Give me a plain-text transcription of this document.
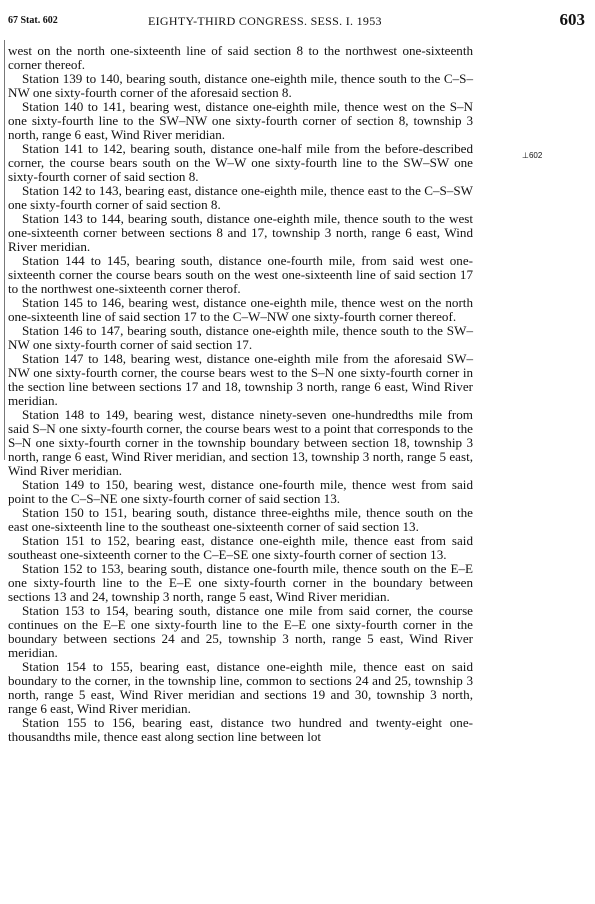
67 Stat. 602	EIGHTY-THIRD CONGRESS. SESS. I. 1953	603
⊥602

west on the north one-sixteenth line of said section 8 to the northwest one-sixteenth corner thereof.

Station 139 to 140, bearing south, distance one-eighth mile, thence south to the C–S–NW one sixty-fourth corner of the aforesaid section 8.

Station 140 to 141, bearing west, distance one-eighth mile, thence west on the S–N one sixty-fourth line to the SW–NW one sixty-fourth corner of section 8, township 3 north, range 6 east, Wind River meridian.

Station 141 to 142, bearing south, distance one-half mile from the before-described corner, the course bears south on the W–W one sixty-fourth line to the SW–SW one sixty-fourth corner of said section 8.

Station 142 to 143, bearing east, distance one-eighth mile, thence east to the C–S–SW one sixty-fourth corner of said section 8.

Station 143 to 144, bearing south, distance one-eighth mile, thence south to the west one-sixteenth corner between sections 8 and 17, township 3 north, range 6 east, Wind River meridian.

Station 144 to 145, bearing south, distance one-fourth mile, from said west one-sixteenth corner the course bears south on the west one-sixteenth line of said section 17 to the northwest one-sixteenth corner therof.

Station 145 to 146, bearing west, distance one-eighth mile, thence west on the north one-sixteenth line of said section 17 to the C–W–NW one sixty-fourth corner thereof.

Station 146 to 147, bearing south, distance one-eighth mile, thence south to the SW–NW one sixty-fourth corner of said section 17.

Station 147 to 148, bearing west, distance one-eighth mile from the aforesaid SW–NW one sixty-fourth corner, the course bears west to the S–N one sixty-fourth corner in the section line between sections 17 and 18, township 3 north, range 6 east, Wind River meridian.

Station 148 to 149, bearing west, distance ninety-seven one-hundredths mile from said S–N one sixty-fourth corner, the course bears west to a point that corresponds to the S–N one sixty-fourth corner in the township boundary between section 18, township 3 north, range 6 east, Wind River meridian, and section 13, township 3 north, range 5 east, Wind River meridian.

Station 149 to 150, bearing west, distance one-fourth mile, thence west from said point to the C–S–NE one sixty-fourth corner of said section 13.

Station 150 to 151, bearing south, distance three-eighths mile, thence south on the east one-sixteenth line to the southeast one-sixteenth corner of said section 13.

Station 151 to 152, bearing east, distance one-eighth mile, thence east from said southeast one-sixteenth corner to the C–E–SE one sixty-fourth corner of section 13.

Station 152 to 153, bearing south, distance one-fourth mile, thence south on the E–E one sixty-fourth line to the E–E one sixty-fourth corner in the boundary between sections 13 and 24, township 3 north, range 5 east, Wind River meridian.

Station 153 to 154, bearing south, distance one mile from said corner, the course continues on the E–E one sixty-fourth line to the E–E one sixty-fourth corner in the boundary between sections 24 and 25, township 3 north, range 5 east, Wind River meridian.

Station 154 to 155, bearing east, distance one-eighth mile, thence east on said boundary to the corner, in the township line, common to sections 24 and 25, township 3 north, range 5 east, Wind River meridian and sections 19 and 30, township 3 north, range 6 east, Wind River meridian.

Station 155 to 156, bearing east, distance two hundred and twenty-eight one-thousandths mile, thence east along section line between lot
